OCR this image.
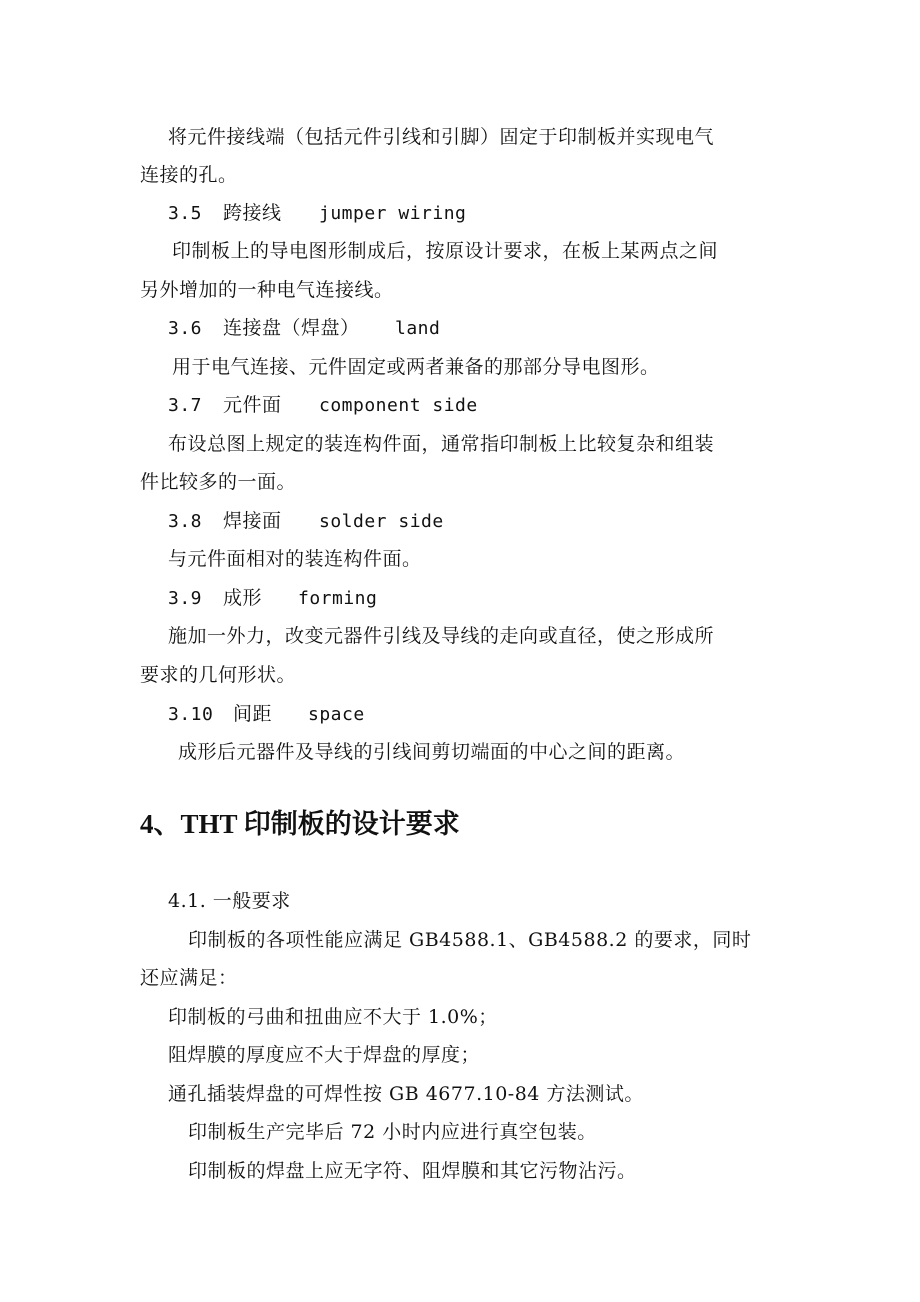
将元件接线端（包括元件引线和引脚）固定于印制板并实现电气
连接的孔。
3.5 跨接线 jumper wiring
印制板上的导电图形制成后，按原设计要求，在板上某两点之间
另外增加的一种电气连接线。
3.6 连接盘（焊盘） land
用于电气连接、元件固定或两者兼备的那部分导电图形。
3.7 元件面 component side
布设总图上规定的装连构件面，通常指印制板上比较复杂和组装
件比较多的一面。
3.8 焊接面 solder side
与元件面相对的装连构件面。
3.9 成形 forming
施加一外力，改变元器件引线及导线的走向或直径，使之形成所
要求的几何形状。
3.10 间距 space
成形后元器件及导线的引线间剪切端面的中心之间的距离。
4、THT 印制板的设计要求
4.1. 一般要求
印制板的各项性能应满足 GB4588.1、GB4588.2 的要求，同时
还应满足：
印制板的弓曲和扭曲应不大于 1.0%；
阻焊膜的厚度应不大于焊盘的厚度；
通孔插装焊盘的可焊性按 GB 4677.10-84 方法测试。
印制板生产完毕后 72 小时内应进行真空包装。
印制板的焊盘上应无字符、阻焊膜和其它污物沾污。
